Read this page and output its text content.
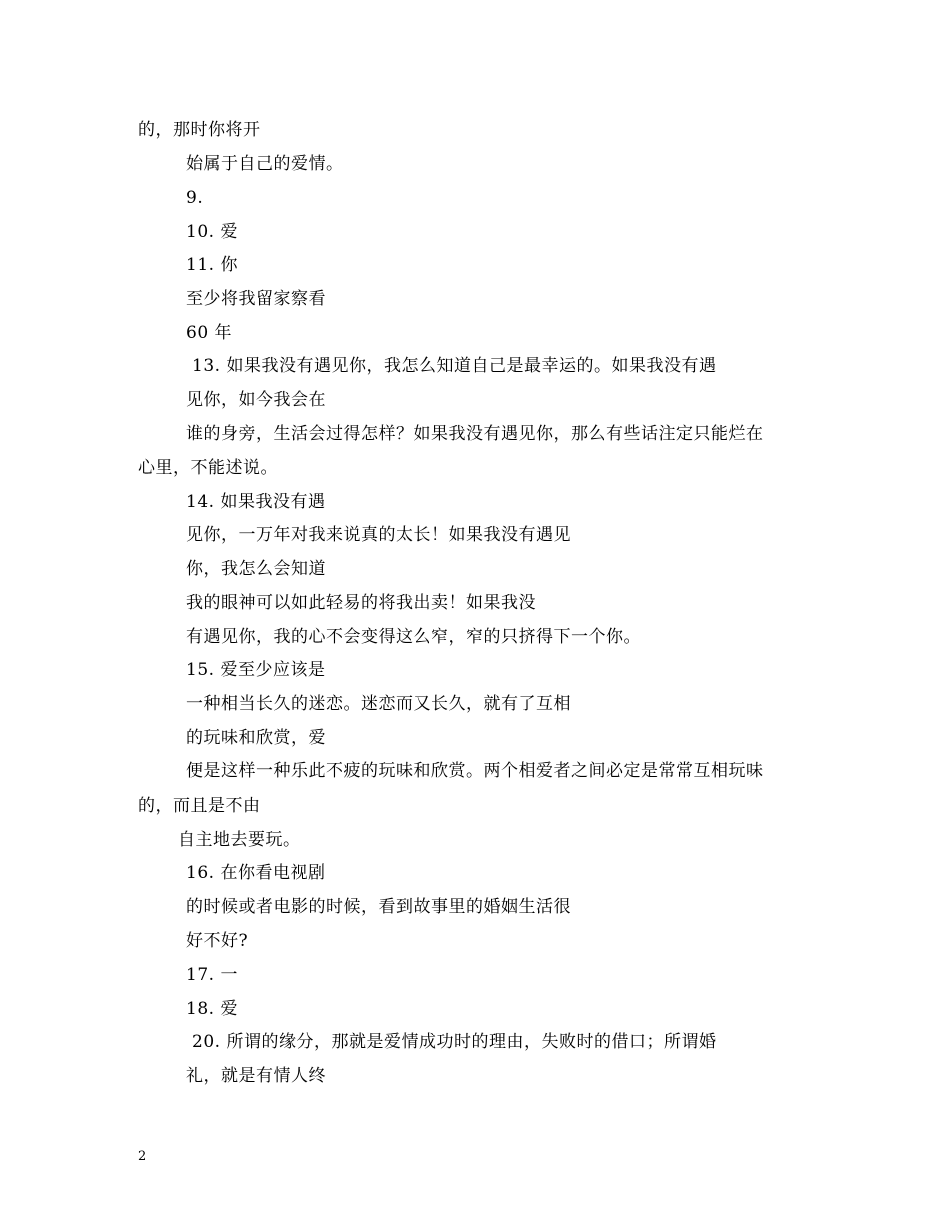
的，那时你将开
始属于自己的爱情。
9.
10. 爱
11. 你
至少将我留家察看
60 年
13. 如果我没有遇见你，我怎么知道自己是最幸运的。如果我没有遇
见你，如今我会在
谁的身旁，生活会过得怎样？如果我没有遇见你，那么有些话注定只能烂在
心里，不能述说。
14. 如果我没有遇
见你，一万年对我来说真的太长！如果我没有遇见
你，我怎么会知道
我的眼神可以如此轻易的将我出卖！如果我没
有遇见你，我的心不会变得这么窄，窄的只挤得下一个你。
15. 爱至少应该是
一种相当长久的迷恋。迷恋而又长久，就有了互相
的玩味和欣赏，爱
便是这样一种乐此不疲的玩味和欣赏。两个相爱者之间必定是常常互相玩味
的，而且是不由
自主地去要玩。
16. 在你看电视剧
的时候或者电影的时候，看到故事里的婚姻生活很
好不好?
17. 一
18. 爱
20. 所谓的缘分，那就是爱情成功时的理由，失败时的借口；所谓婚
礼，就是有情人终
2
